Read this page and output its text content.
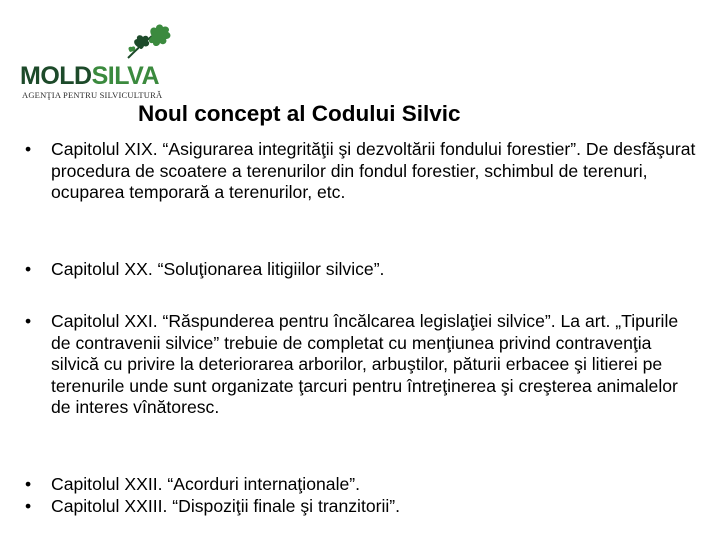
MOLDSILVA
AGENŢIA PENTRU SILVICULTURĂ
Noul concept al Codului Silvic
•	Capitolul XIX. “Asigurarea integrităţii şi dezvoltării fondului forestier”. De desfăşurat procedura de scoatere a terenurilor din fondul forestier, schimbul de terenuri, ocuparea temporară a terenurilor, etc.
•	Capitolul XX. “Soluţionarea litigiilor silvice”.
•	Capitolul XXI. “Răspunderea pentru încălcarea legislaţiei silvice”. La art. „Tipurile de contravenii silvice” trebuie de completat cu menţiunea privind contravenţia silvică cu privire la deteriorarea arborilor, arbuştilor, păturii erbacee şi litierei pe terenurile unde sunt organizate ţarcuri pentru întreţinerea şi creşterea animalelor de interes vînătoresc.
•	Capitolul XXII. “Acorduri internaţionale”.
•	Capitolul XXIII. “Dispoziţii finale şi tranzitorii”.
